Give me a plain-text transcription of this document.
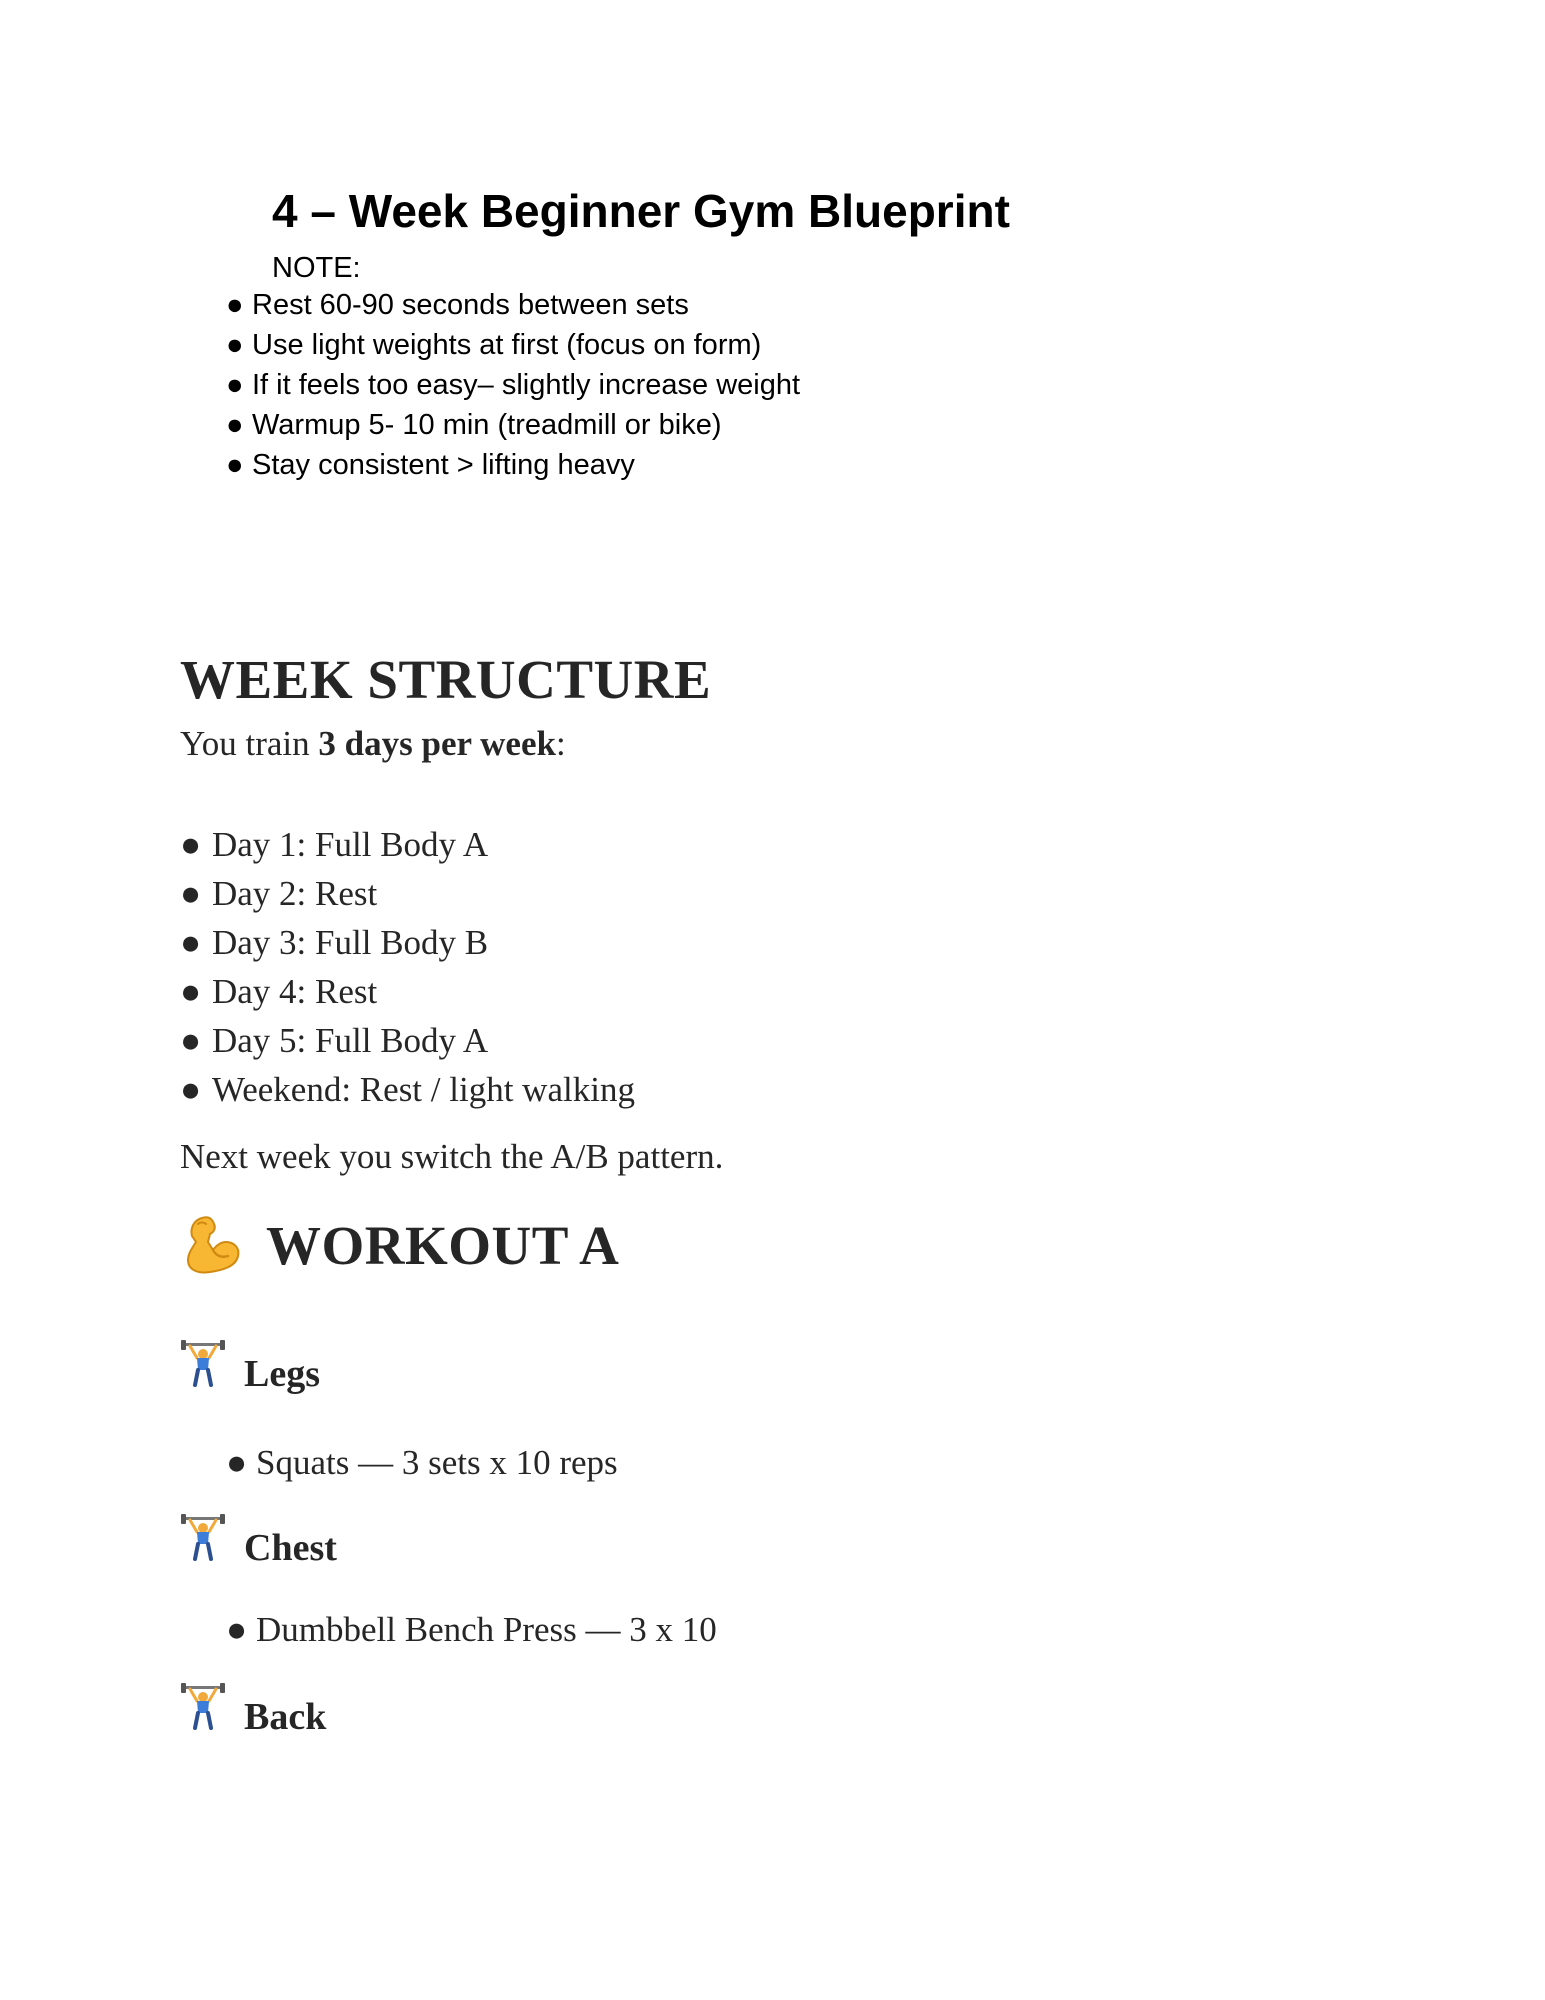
4 – Week Beginner Gym Blueprint
NOTE:
● Rest 60-90 seconds between sets
● Use light weights at first (focus on form)
● If it feels too easy– slightly increase weight
● Warmup 5- 10 min (treadmill or bike)
● Stay consistent > lifting heavy
WEEK STRUCTURE
You train 3 days per week:
● Day 1: Full Body A
● Day 2: Rest
● Day 3: Full Body B
● Day 4: Rest
● Day 5: Full Body A
● Weekend: Rest / light walking
Next week you switch the A/B pattern.
WORKOUT A
Legs
● Squats — 3 sets x 10 reps
Chest
● Dumbbell Bench Press — 3 x 10
Back
